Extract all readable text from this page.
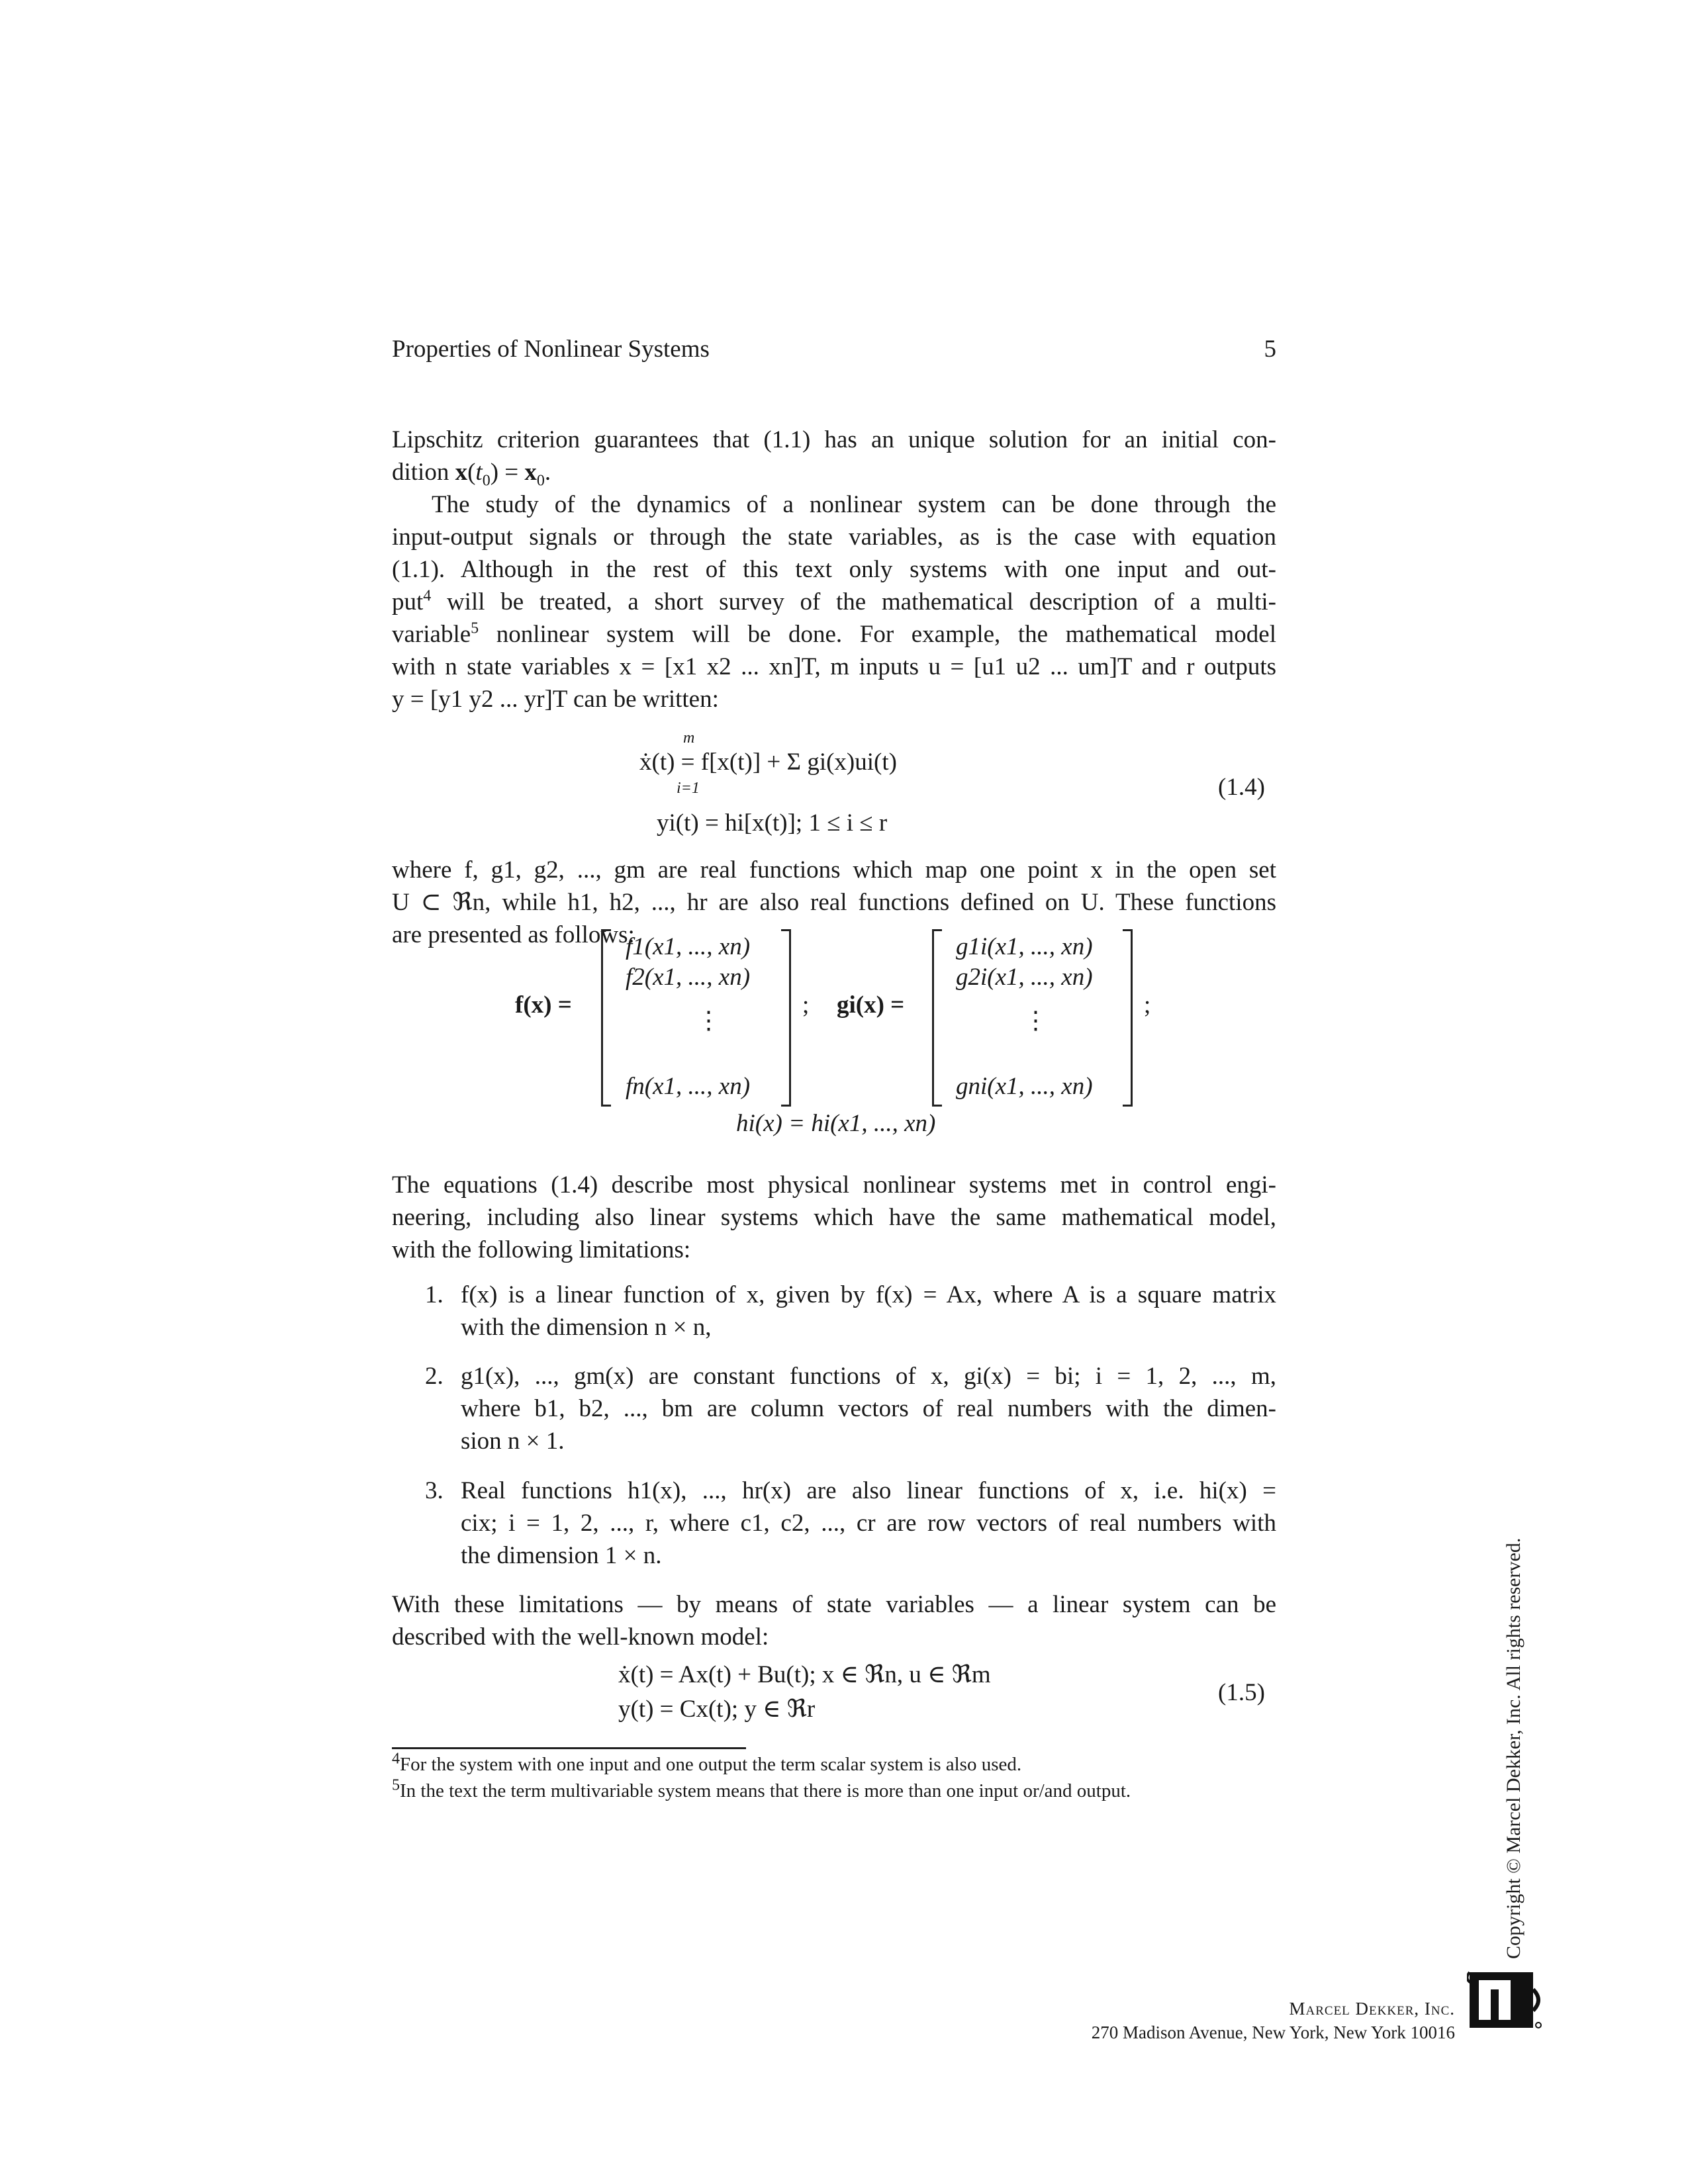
Properties of Nonlinear Systems	5
Lipschitz criterion guarantees that (1.1) has an unique solution for an initial con-
dition $x(t_0) = x_0$.
The study of the dynamics of a nonlinear system can be done through the
input-output signals or through the state variables, as is the case with equation
(1.1). Although in the rest of this text only systems with one input and out-
put$^4$ will be treated, a short survey of the mathematical description of a multi-
variable$^5$ nonlinear system will be done. For example, the mathematical model
with n state variables x = [x1 x2 ... xn]T, m inputs u = [u1 u2 ... um]T and r outputs
y = [y1 y2 ... yr]T can be written:
m
ẋ(t) = f[x(t)] + Σ gi(x)ui(t)
i=1
yi(t) = hi[x(t)]; 1 ≤ i ≤ r
(1.4)
where f, g1, g2, ..., gm are real functions which map one point x in the open set
U ⊂ ℜn, while h1, h2, ..., hr are also real functions defined on U. These functions
are presented as follows:
f(x) =
f1(x1, ..., xn)
f2(x1, ..., xn)
⋮
fn(x1, ..., xn)
; gi(x) =
g1i(x1, ..., xn)
g2i(x1, ..., xn)
⋮
gni(x1, ..., xn)
;
hi(x) = hi(x1, ..., xn)
The equations (1.4) describe most physical nonlinear systems met in control engi-
neering, including also linear systems which have the same mathematical model,
with the following limitations:
1. f(x) is a linear function of x, given by f(x) = Ax, where A is a square matrix
with the dimension n × n,
2. g1(x), ..., gm(x) are constant functions of x, gi(x) = bi; i = 1, 2, ..., m,
where b1, b2, ..., bm are column vectors of real numbers with the dimen-
sion n × 1.
3. Real functions h1(x), ..., hr(x) are also linear functions of x, i.e. hi(x) =
cix; i = 1, 2, ..., r, where c1, c2, ..., cr are row vectors of real numbers with
the dimension 1 × n.
With these limitations — by means of state variables — a linear system can be
described with the well-known model:
ẋ(t) = Ax(t) + Bu(t); x ∈ ℜn, u ∈ ℜm
y(t) = Cx(t); y ∈ ℜr
(1.5)
$^4$For the system with one input and one output the term scalar system is also used.
$^5$In the text the term multivariable system means that there is more than one input or/and output.	Copyright © Marcel Dekker, Inc. All rights reserved.
Marcel Dekker, Inc.
270 Madison Avenue, New York, New York 10016
